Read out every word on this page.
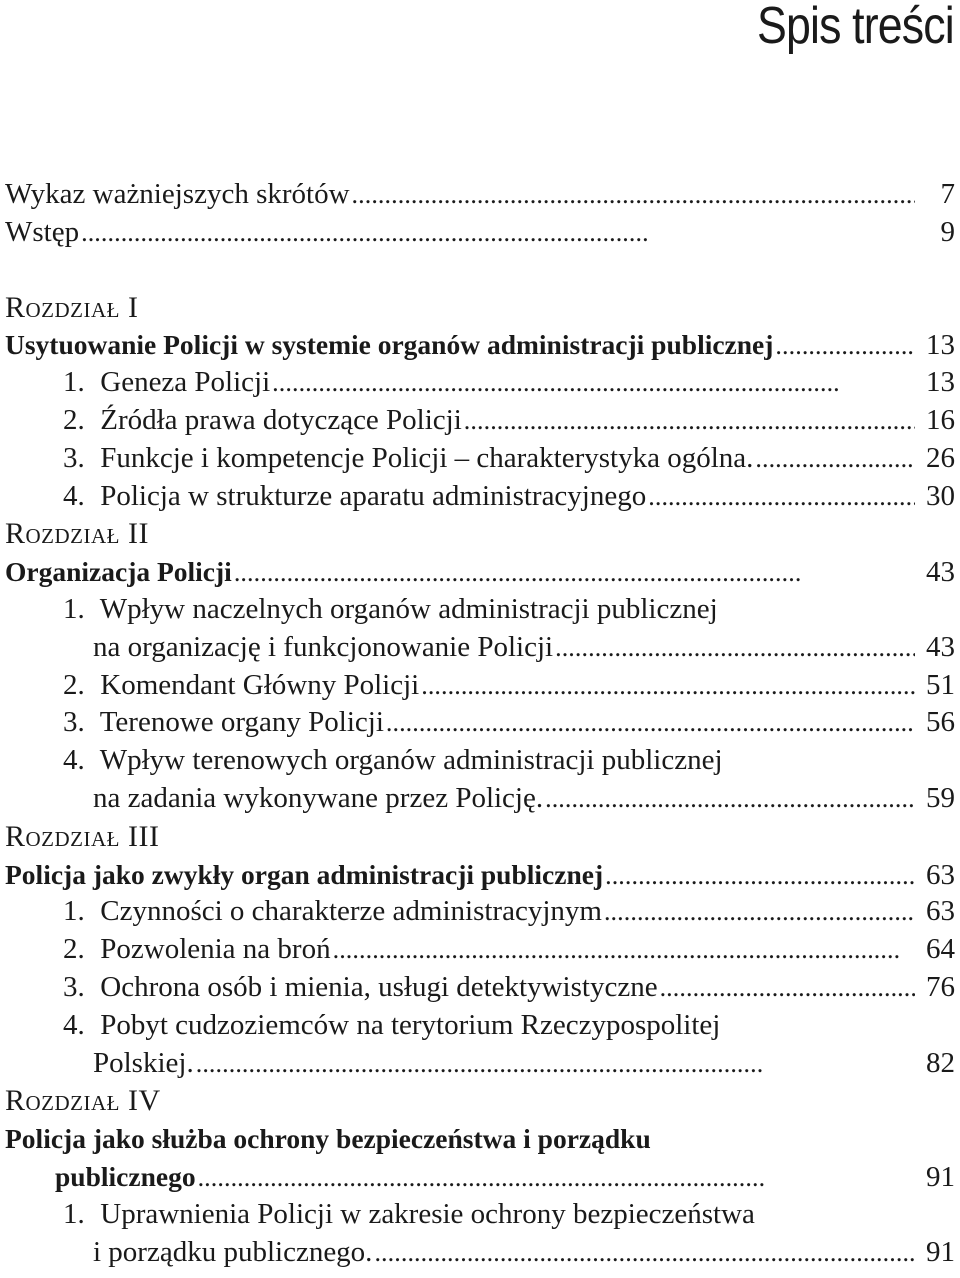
Spis treści
Wykaz ważniejszych skrótów . . .	7
Wstęp . . .	9
Rozdział I
Usytuowanie Policji w systemie organów administracji publicznej . . .	13
1. Geneza Policji . . .	13
2. Źródła prawa dotyczące Policji . . .	16
3. Funkcje i kompetencje Policji – charakterystyka ogólna. . . .	26
4. Policja w strukturze aparatu administracyjnego . . .	30
Rozdział II
Organizacja Policji . . .	43
1. Wpływ naczelnych organów administracji publicznej
na organizację i funkcjonowanie Policji . . .	43
2. Komendant Główny Policji . . .	51
3. Terenowe organy Policji . . .	56
4. Wpływ terenowych organów administracji publicznej
na zadania wykonywane przez Policję. . . .	59
Rozdział III
Policja jako zwykły organ administracji publicznej . . .	63
1. Czynności o charakterze administracyjnym . . .	63
2. Pozwolenia na broń . . .	64
3. Ochrona osób i mienia, usługi detektywistyczne . . .	76
4. Pobyt cudzoziemców na terytorium Rzeczypospolitej
Polskiej. . . .	82
Rozdział IV
Policja jako służba ochrony bezpieczeństwa i porządku
publicznego . . .	91
1. Uprawnienia Policji w zakresie ochrony bezpieczeństwa
i porządku publicznego. . . .	91
